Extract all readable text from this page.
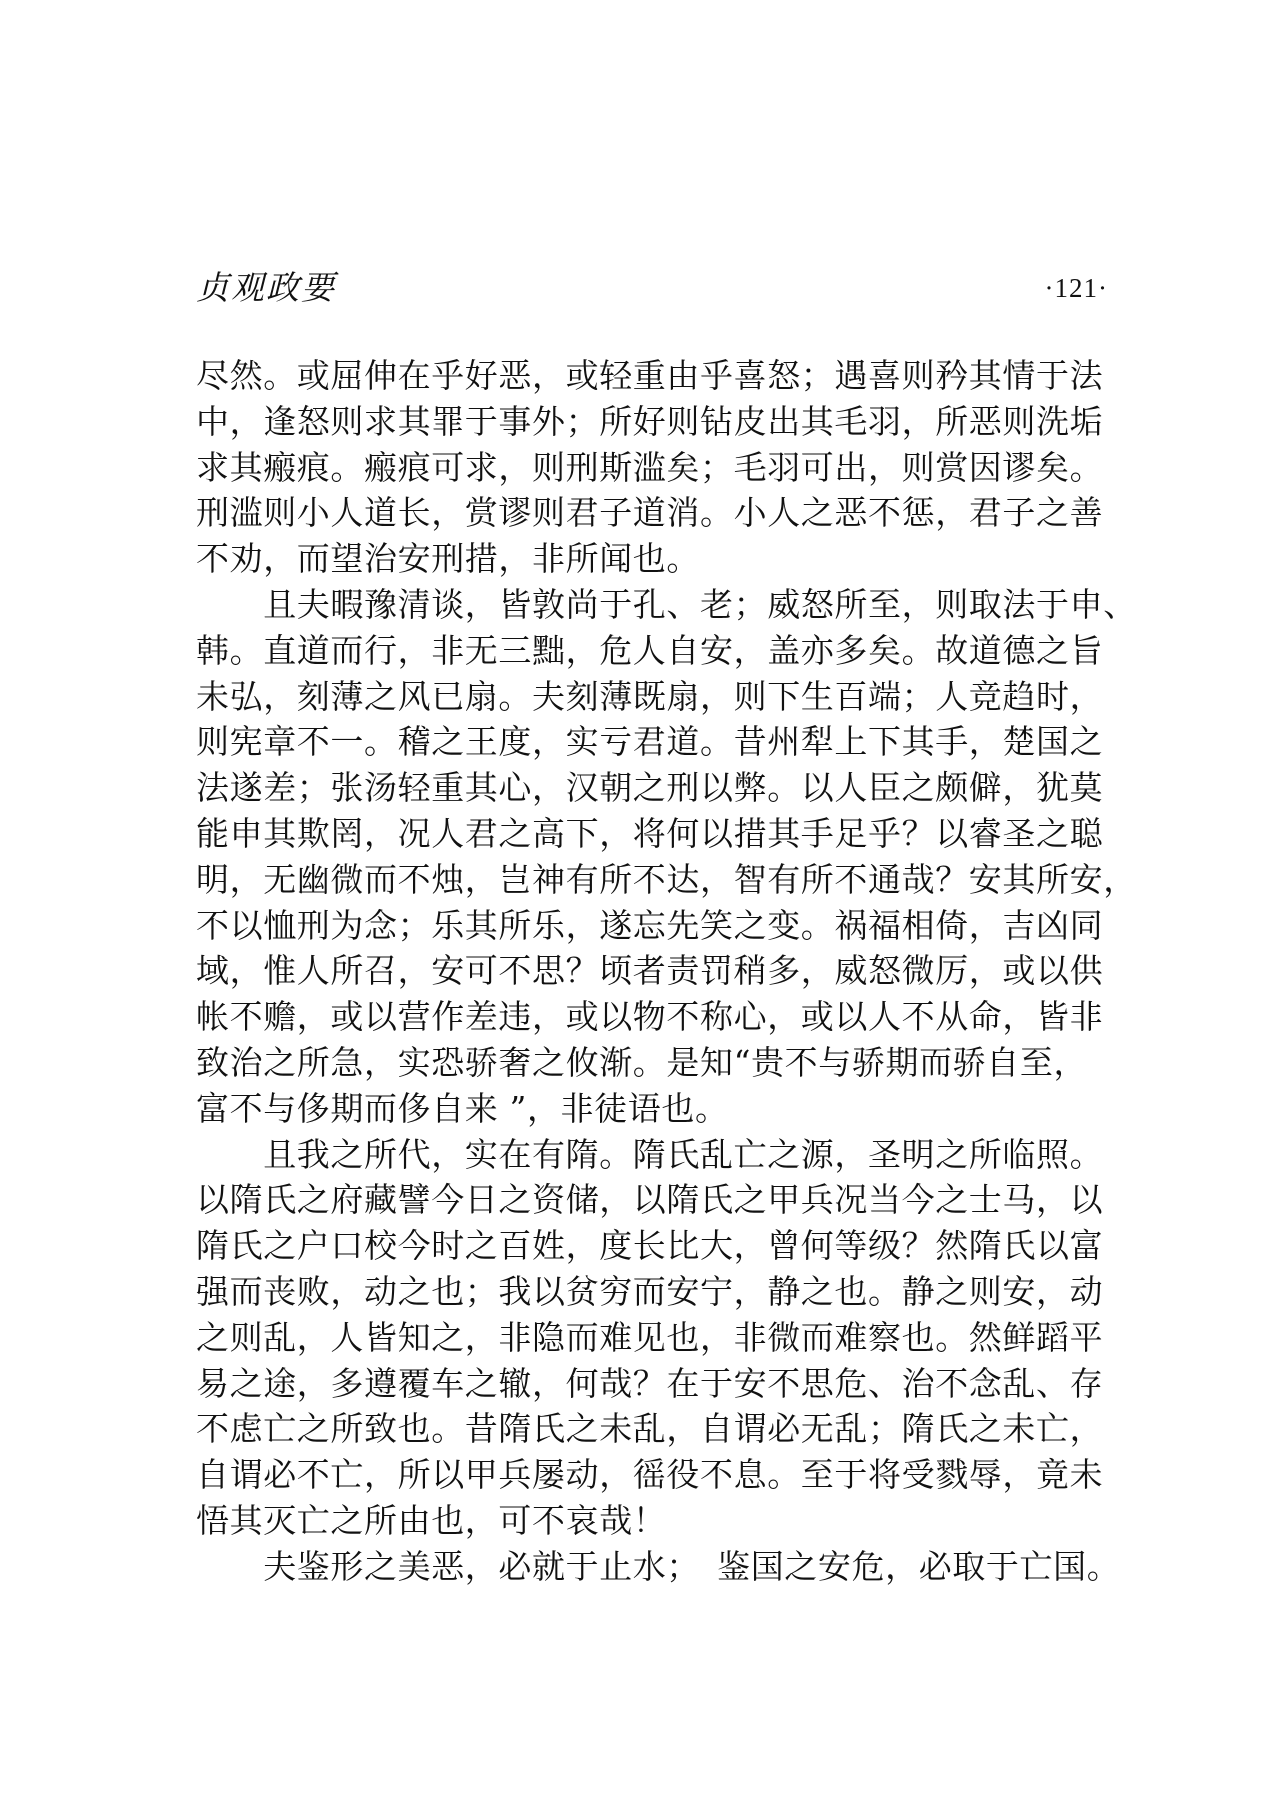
贞观政要	·121·
尽然。或屈伸在乎好恶，或轻重由乎喜怒；遇喜则矜其情于法
中，逢怒则求其罪于事外；所好则钻皮出其毛羽，所恶则洗垢
求其瘢痕。瘢痕可求，则刑斯滥矣；毛羽可出，则赏因谬矣。
刑滥则小人道长，赏谬则君子道消。小人之恶不惩，君子之善
不劝，而望治安刑措，非所闻也。
　　且夫暇豫清谈，皆敦尚于孔、老；威怒所至，则取法于申、
韩。直道而行，非无三黜，危人自安，盖亦多矣。故道德之旨
未弘，刻薄之风已扇。夫刻薄既扇，则下生百端；人竞趋时，
则宪章不一。稽之王度，实亏君道。昔州犁上下其手，楚国之
法遂差；张汤轻重其心，汉朝之刑以弊。以人臣之颇僻，犹莫
能申其欺罔，况人君之高下，将何以措其手足乎？以睿圣之聪
明，无幽微而不烛，岂神有所不达，智有所不通哉？安其所安，
不以恤刑为念；乐其所乐，遂忘先笑之变。祸福相倚，吉凶同
域，惟人所召，安可不思？顷者责罚稍多，威怒微厉，或以供
帐不赡，或以营作差违，或以物不称心，或以人不从命，皆非
致治之所急，实恐骄奢之攸渐。是知“贵不与骄期而骄自至，
富不与侈期而侈自来 ”，非徒语也。
　　且我之所代，实在有隋。隋氏乱亡之源，圣明之所临照。
以隋氏之府藏譬今日之资储，以隋氏之甲兵况当今之士马，以
隋氏之户口校今时之百姓，度长比大，曾何等级？然隋氏以富
强而丧败，动之也；我以贫穷而安宁，静之也。静之则安，动
之则乱，人皆知之，非隐而难见也，非微而难察也。然鲜蹈平
易之途，多遵覆车之辙，何哉？在于安不思危、治不念乱、存
不虑亡之所致也。昔隋氏之未乱，自谓必无乱；隋氏之未亡，
自谓必不亡，所以甲兵屡动，徭役不息。至于将受戮辱，竟未
悟其灭亡之所由也，可不哀哉！
　　夫鉴形之美恶，必就于止水；　鉴国之安危，必取于亡国。
